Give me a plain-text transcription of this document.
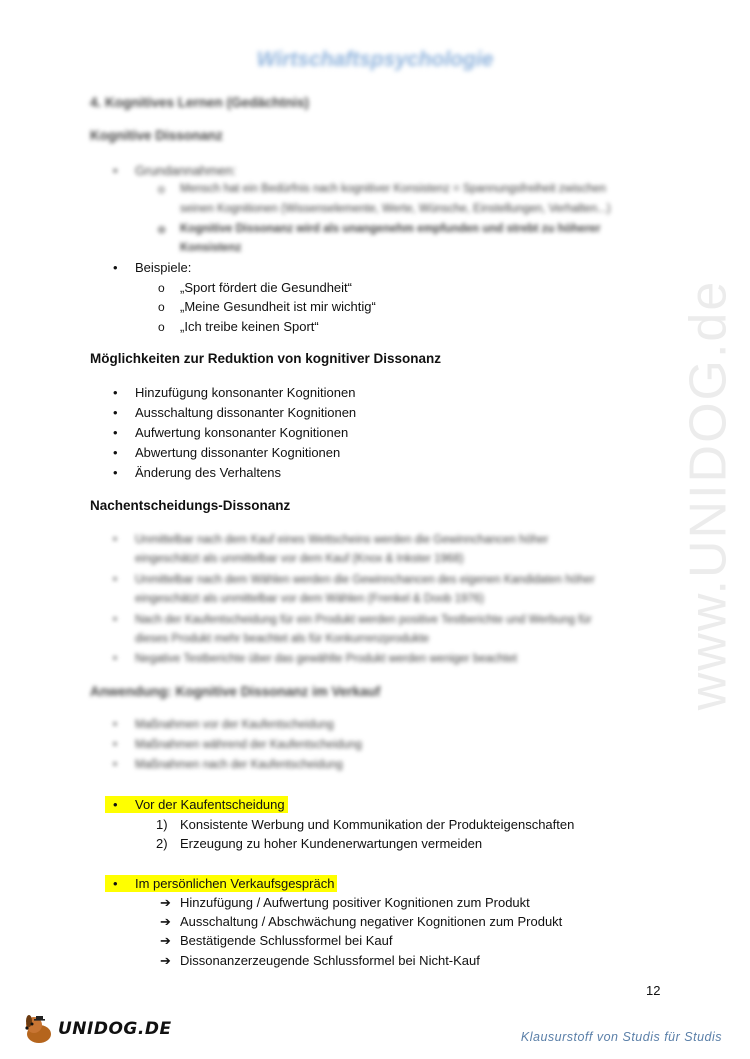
www.UNIDOG.de
Wirtschaftspsychologie
4. Kognitives Lernen (Gedächtnis)
Kognitive Dissonanz
• Grundannahmen:
o Mensch hat ein Bedürfnis nach kognitiver Konsistenz = Spannungsfreiheit zwischen
seinen Kognitionen (Wissenselemente, Werte, Wünsche, Einstellungen, Verhalten...)
o Kognitive Dissonanz wird als unangenehm empfunden und strebt zu höherer
Konsistenz
• Beispiele:
o „Sport fördert die Gesundheit“
o „Meine Gesundheit ist mir wichtig“
o „Ich treibe keinen Sport“
Möglichkeiten zur Reduktion von kognitiver Dissonanz
• Hinzufügung konsonanter Kognitionen
• Ausschaltung dissonanter Kognitionen
• Aufwertung konsonanter Kognitionen
• Abwertung dissonanter Kognitionen
• Änderung des Verhaltens
Nachentscheidungs-Dissonanz
• Unmittelbar nach dem Kauf eines Wettscheins werden die Gewinnchancen höher
eingeschätzt als unmittelbar vor dem Kauf (Knox & Inkster 1968)
• Unmittelbar nach dem Wählen werden die Gewinnchancen des eigenen Kandidaten höher
eingeschätzt als unmittelbar vor dem Wählen (Frenkel & Doob 1976)
• Nach der Kaufentscheidung für ein Produkt werden positive Testberichte und Werbung für
dieses Produkt mehr beachtet als für Konkurrenzprodukte
• Negative Testberichte über das gewählte Produkt werden weniger beachtet
Anwendung: Kognitive Dissonanz im Verkauf
• Maßnahmen vor der Kaufentscheidung
• Maßnahmen während der Kaufentscheidung
• Maßnahmen nach der Kaufentscheidung
• Vor der Kaufentscheidung
1) Konsistente Werbung und Kommunikation der Produkteigenschaften
2) Erzeugung zu hoher Kundenerwartungen vermeiden
• Im persönlichen Verkaufsgespräch
➔ Hinzufügung / Aufwertung positiver Kognitionen zum Produkt
➔ Ausschaltung / Abschwächung negativer Kognitionen zum Produkt
➔ Bestätigende Schlussformel bei Kauf
➔ Dissonanzerzeugende Schlussformel bei Nicht-Kauf
12
UNIDOG.DE	Klausurstoff von Studis für Studis
